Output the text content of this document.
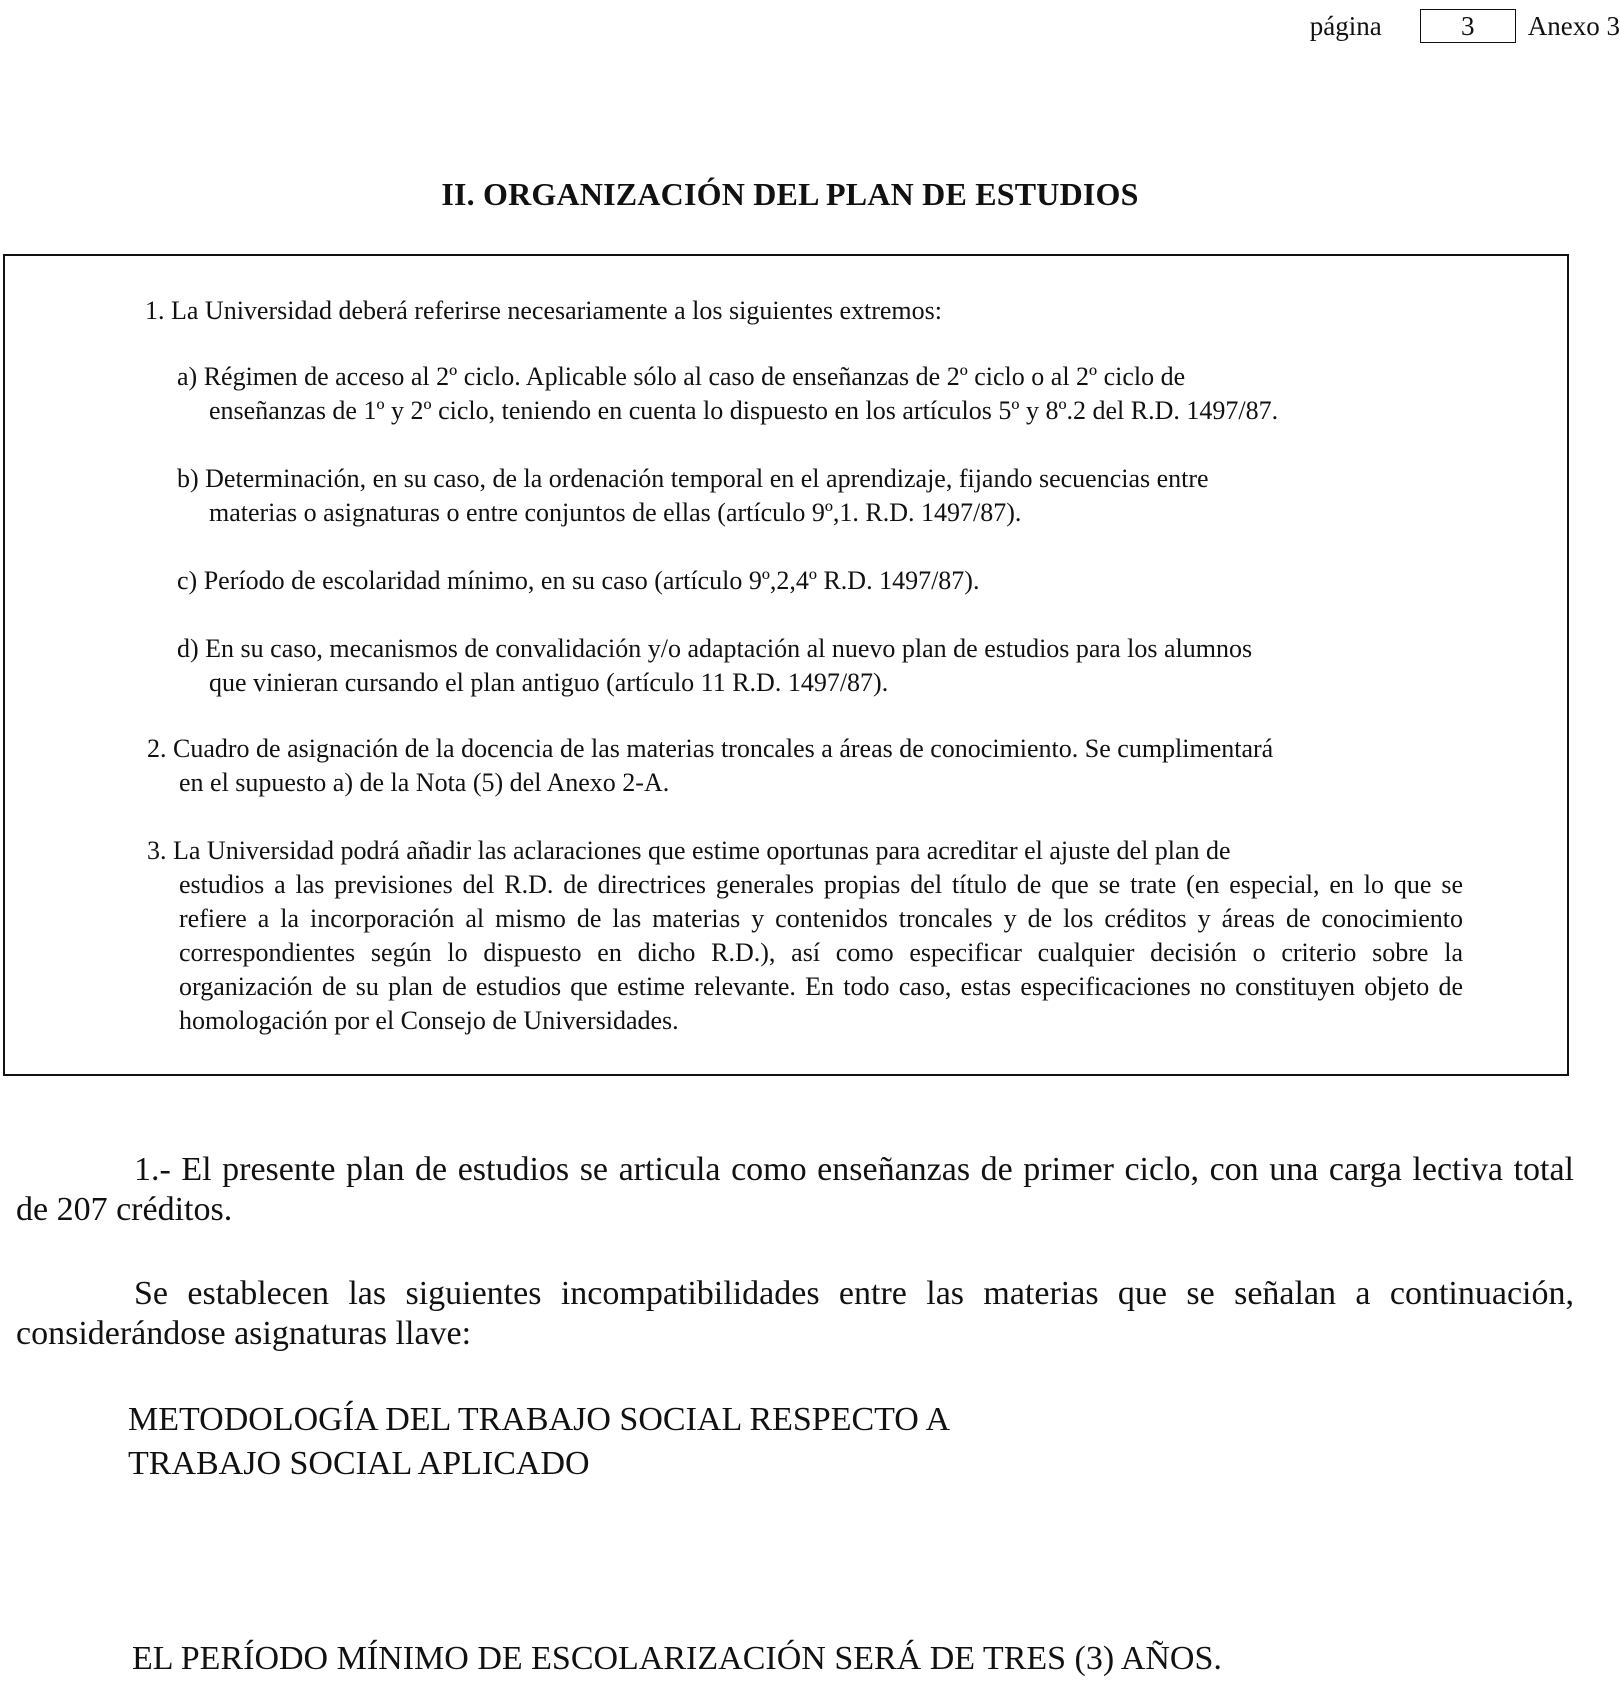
página	3	Anexo 3
II. ORGANIZACIÓN DEL PLAN DE ESTUDIOS
1. La Universidad deberá referirse necesariamente a los siguientes extremos:
a) Régimen de acceso al 2º ciclo. Aplicable sólo al caso de enseñanzas de 2º ciclo o al 2º ciclo de
enseñanzas de 1º y 2º ciclo, teniendo en cuenta lo dispuesto en los artículos 5º y 8º.2 del R.D. 1497/87.
b) Determinación, en su caso, de la ordenación temporal en el aprendizaje, fijando secuencias entre
materias o asignaturas o entre conjuntos de ellas (artículo 9º,1. R.D. 1497/87).
c) Período de escolaridad mínimo, en su caso (artículo 9º,2,4º R.D. 1497/87).
d) En su caso, mecanismos de convalidación y/o adaptación al nuevo plan de estudios para los alumnos
que vinieran cursando el plan antiguo (artículo 11 R.D. 1497/87).
2. Cuadro de asignación de la docencia de las materias troncales a áreas de conocimiento. Se cumplimentará
en el supuesto a) de la Nota (5) del Anexo 2-A.
3. La Universidad podrá añadir las aclaraciones que estime oportunas para acreditar el ajuste del plan de
estudios a las previsiones del R.D. de directrices generales propias del título de que se trate (en especial, en lo que se refiere a la incorporación al mismo de las materias y contenidos troncales y de los créditos y áreas de conocimiento correspondientes según lo dispuesto en dicho R.D.), así como especificar cualquier decisión o criterio sobre la organización de su plan de estudios que estime relevante. En todo caso, estas especificaciones no constituyen objeto de homologación por el Consejo de Universidades.
1.- El presente plan de estudios se articula como enseñanzas de primer ciclo, con una carga lectiva total de 207 créditos.
Se establecen las siguientes incompatibilidades entre las materias que se señalan a continuación, considerándose asignaturas llave:
METODOLOGÍA DEL TRABAJO SOCIAL RESPECTO A
TRABAJO SOCIAL APLICADO
EL PERÍODO MÍNIMO DE ESCOLARIZACIÓN SERÁ DE TRES (3) AÑOS.
